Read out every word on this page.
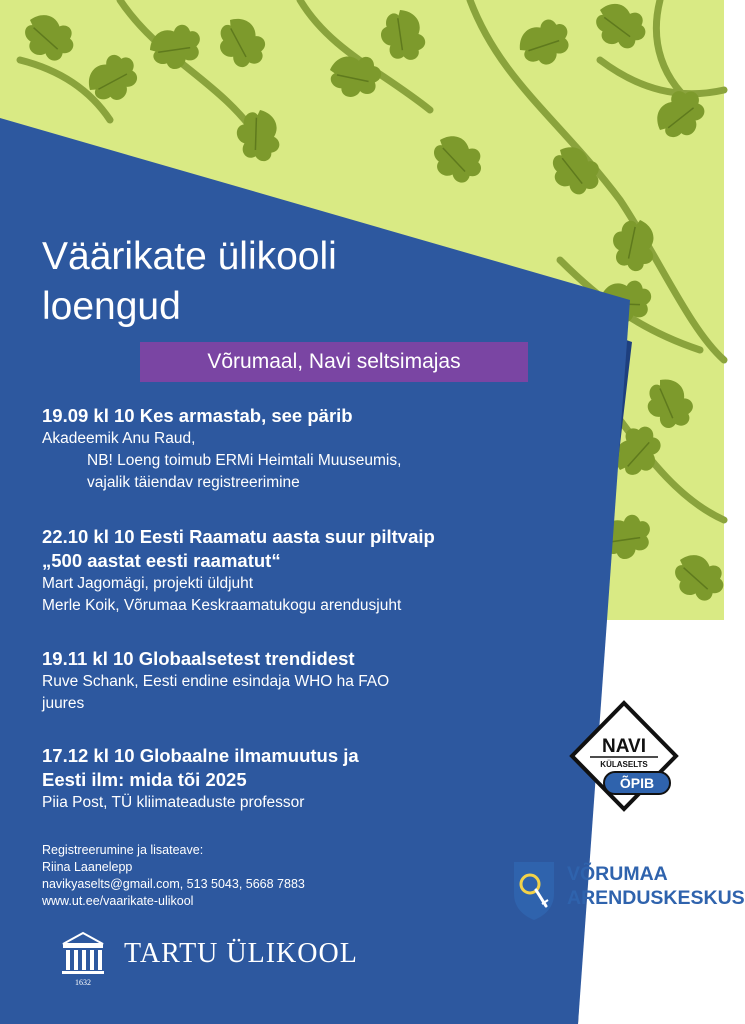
Väärikate ülikooli
loengud
Võrumaal, Navi seltsimajas

19.09 kl 10 Kes armastab, see pärib

Akadeemik Anu Raud,

NB! Loeng toimub ERMi Heimtali Muuseumis,

vajalik täiendav registreerimine

22.10 kl 10 Eesti Raamatu aasta suur piltvaip

„500 aastat eesti raamatut“

Mart Jagomägi, projekti üldjuht

Merle Koik, Võrumaa Keskraamatukogu arendusjuht

19.11 kl 10 Globaalsetest trendidest

Ruve Schank, Eesti endine esindaja WHO ha FAO

juures

17.12 kl 10 Globaalne ilmamuutus ja

Eesti ilm: mida tõi 2025

Piia Post, TÜ kliimateaduste professor

Registreerumine ja lisateave:

Riina Laanelepp

navikyaselts@gmail.com, 513 5043, 5668 7883

www.ut.ee/vaarikate-ulikool

1632
TARTU ÜLIKOOL
NAVI
KÜLASELTS
ÕPIB
VÕRUMAA
ARENDUSKESKUS
